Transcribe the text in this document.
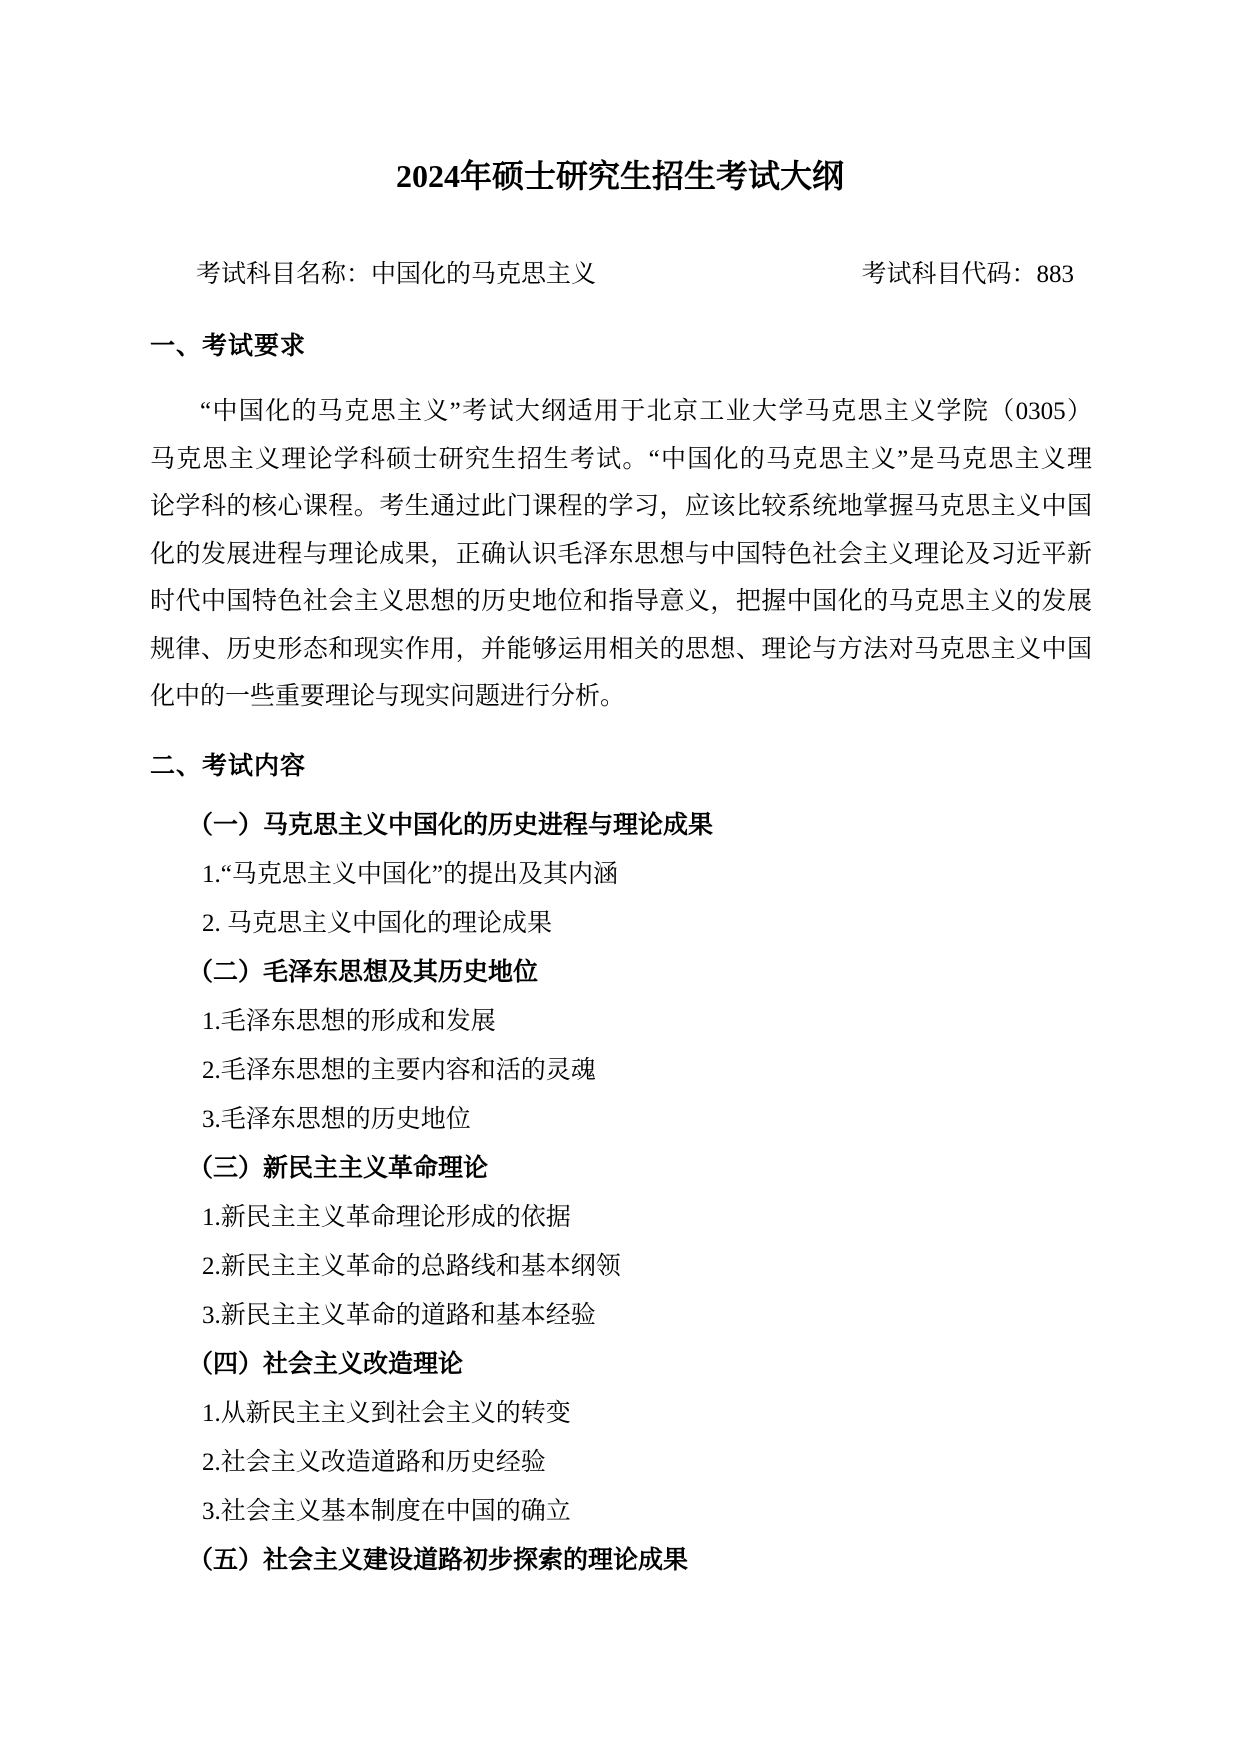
2024年硕士研究生招生考试大纲
考试科目名称：中国化的马克思主义	考试科目代码：883
一、考试要求
“中国化的马克思主义”考试大纲适用于北京工业大学马克思主义学院（0305）
马克思主义理论学科硕士研究生招生考试。“中国化的马克思主义”是马克思主义理
论学科的核心课程。考生通过此门课程的学习，应该比较系统地掌握马克思主义中国
化的发展进程与理论成果，正确认识毛泽东思想与中国特色社会主义理论及习近平新
时代中国特色社会主义思想的历史地位和指导意义，把握中国化的马克思主义的发展
规律、历史形态和现实作用，并能够运用相关的思想、理论与方法对马克思主义中国
化中的一些重要理论与现实问题进行分析。
二、考试内容
（一）马克思主义中国化的历史进程与理论成果
1.“马克思主义中国化”的提出及其内涵
2. 马克思主义中国化的理论成果
（二）毛泽东思想及其历史地位
1.毛泽东思想的形成和发展
2.毛泽东思想的主要内容和活的灵魂
3.毛泽东思想的历史地位
（三）新民主主义革命理论
1.新民主主义革命理论形成的依据
2.新民主主义革命的总路线和基本纲领
3.新民主主义革命的道路和基本经验
（四）社会主义改造理论
1.从新民主主义到社会主义的转变
2.社会主义改造道路和历史经验
3.社会主义基本制度在中国的确立
（五）社会主义建设道路初步探索的理论成果
